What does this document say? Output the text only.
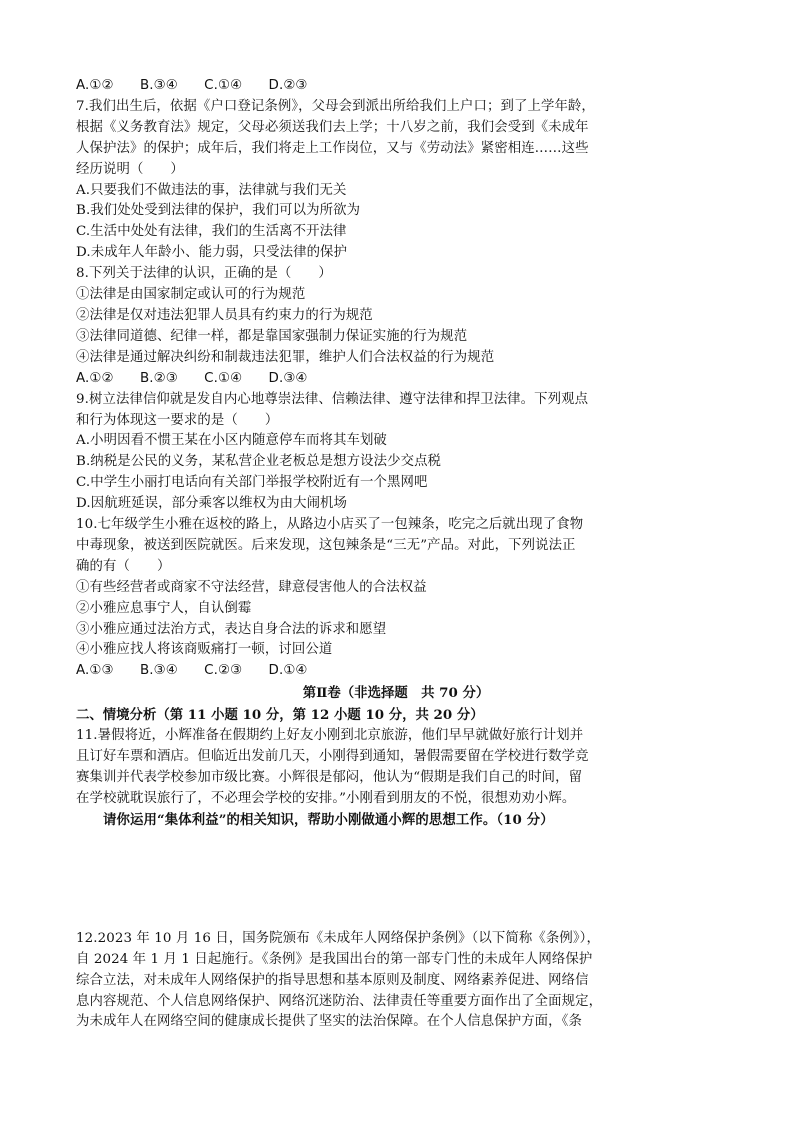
A.①② B.③④ C.①④ D.②③
7.我们出生后，依据《户口登记条例》，父母会到派出所给我们上户口；到了上学年龄，
根据《义务教育法》规定，父母必须送我们去上学；十八岁之前，我们会受到《未成年
人保护法》的保护；成年后，我们将走上工作岗位，又与《劳动法》紧密相连……这些
经历说明（　　）
A.只要我们不做违法的事，法律就与我们无关
B.我们处处受到法律的保护，我们可以为所欲为
C.生活中处处有法律，我们的生活离不开法律
D.未成年人年龄小、能力弱，只受法律的保护
8.下列关于法律的认识，正确的是（　　）
①法律是由国家制定或认可的行为规范
②法律是仅对违法犯罪人员具有约束力的行为规范
③法律同道德、纪律一样，都是靠国家强制力保证实施的行为规范
④法律是通过解决纠纷和制裁违法犯罪，维护人们合法权益的行为规范
A.①② B.②③ C.①④ D.③④
9.树立法律信仰就是发自内心地尊崇法律、信赖法律、遵守法律和捍卫法律。下列观点
和行为体现这一要求的是（　　）
A.小明因看不惯王某在小区内随意停车而将其车划破
B.纳税是公民的义务，某私营企业老板总是想方设法少交点税
C.中学生小丽打电话向有关部门举报学校附近有一个黑网吧
D.因航班延误，部分乘客以维权为由大闹机场
10.七年级学生小雅在返校的路上，从路边小店买了一包辣条，吃完之后就出现了食物
中毒现象，被送到医院就医。后来发现，这包辣条是“三无”产品。对此，下列说法正
确的有（　　）
①有些经营者或商家不守法经营，肆意侵害他人的合法权益
②小雅应息事宁人，自认倒霉
③小雅应通过法治方式，表达自身合法的诉求和愿望
④小雅应找人将该商贩痛打一顿，讨回公道
A.①③ B.③④ C.②③ D.①④
第Ⅱ卷（非选择题　共 70 分）
二、情境分析（第 11 小题 10 分，第 12 小题 10 分，共 20 分）
11.暑假将近，小辉准备在假期约上好友小刚到北京旅游，他们早早就做好旅行计划并
且订好车票和酒店。但临近出发前几天，小刚得到通知，暑假需要留在学校进行数学竞
赛集训并代表学校参加市级比赛。小辉很是郁闷，他认为“假期是我们自己的时间，留
在学校就耽误旅行了，不必理会学校的安排。”小刚看到朋友的不悦，很想劝劝小辉。
请你运用“集体利益”的相关知识，帮助小刚做通小辉的思想工作。（10 分）
12.2023 年 10 月 16 日，国务院颁布《未成年人网络保护条例》（以下简称《条例》），
自 2024 年 1 月 1 日起施行。《条例》是我国出台的第一部专门性的未成年人网络保护
综合立法，对未成年人网络保护的指导思想和基本原则及制度、网络素养促进、网络信
息内容规范、个人信息网络保护、网络沉迷防治、法律责任等重要方面作出了全面规定，
为未成年人在网络空间的健康成长提供了坚实的法治保障。在个人信息保护方面，《条
